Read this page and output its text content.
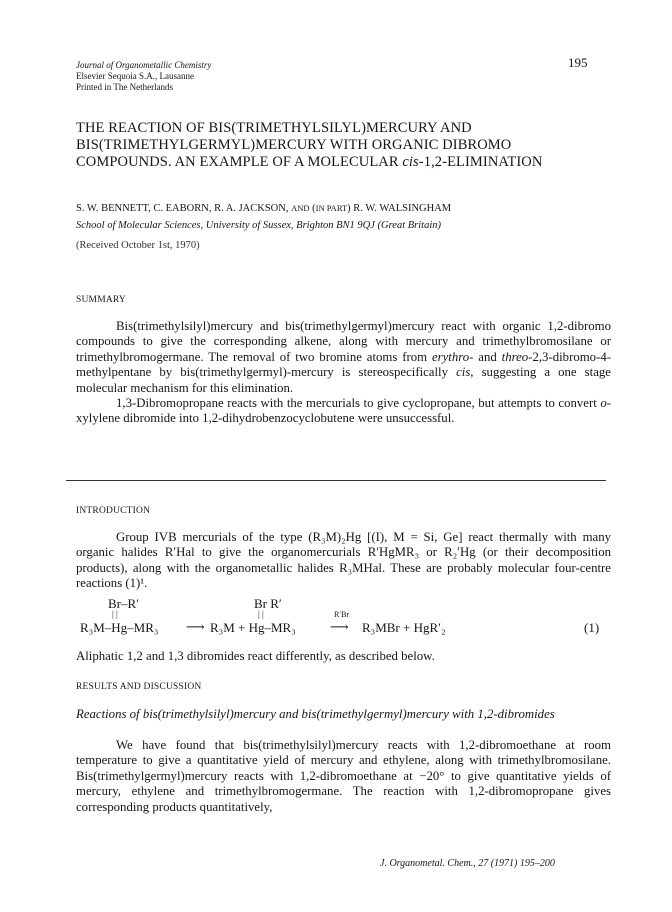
Journal of Organometallic Chemistry
Elsevier Sequoia S.A., Lausanne
Printed in The Netherlands
195
THE REACTION OF BIS(TRIMETHYLSILYL)MERCURY AND
BIS(TRIMETHYLGERMYL)MERCURY WITH ORGANIC DIBROMO
COMPOUNDS. AN EXAMPLE OF A MOLECULAR cis-1,2-ELIMINATION
S. W. BENNETT, C. EABORN, R. A. JACKSON, AND (IN PART) R. W. WALSINGHAM
School of Molecular Sciences, University of Sussex, Brighton BN1 9QJ (Great Britain)
(Received October 1st, 1970)
SUMMARY

Bis(trimethylsilyl)mercury and bis(trimethylgermyl)mercury react with organic 1,2-dibromo compounds to give the corresponding alkene, along with mercury and trimethylbromosilane or trimethylbromogermane. The removal of two bromine atoms from erythro- and threo-2,3-dibromo-4-methylpentane by bis(trimethylgermyl)-mercury is stereospecifically cis, suggesting a one stage molecular mechanism for this elimination.

1,3-Dibromopropane reacts with the mercurials to give cyclopropane, but attempts to convert o-xylylene dibromide into 1,2-dihydrobenzocyclobutene were unsuccessful.

INTRODUCTION

Group IVB mercurials of the type (R₃M)₂Hg [(I), M = Si, Ge] react thermally with many organic halides R′Hal to give the organomercurials R′HgMR₃ or R₂′Hg (or their decomposition products), along with the organometallic halides R₃MHal. These are probably molecular four-centre reactions (1)¹.

Br–R′	Br R′
| |	| |
R₃M–Hg–MR₃ ⟶ R₃M + Hg–MR₃
R′Br
⟶ R₃MBr + HgR′₂	(1)
Aliphatic 1,2 and 1,3 dibromides react differently, as described below.
RESULTS AND DISCUSSION
Reactions of bis(trimethylsilyl)mercury and bis(trimethylgermyl)mercury with 1,2-dibromides

We have found that bis(trimethylsilyl)mercury reacts with 1,2-dibromoethane at room temperature to give a quantitative yield of mercury and ethylene, along with trimethylbromosilane. Bis(trimethylgermyl)mercury reacts with 1,2-dibromoethane at −20° to give quantitative yields of mercury, ethylene and trimethylbromogermane. The reaction with 1,2-dibromopropane gives corresponding products quantitatively,

J. Organometal. Chem., 27 (1971) 195–200
